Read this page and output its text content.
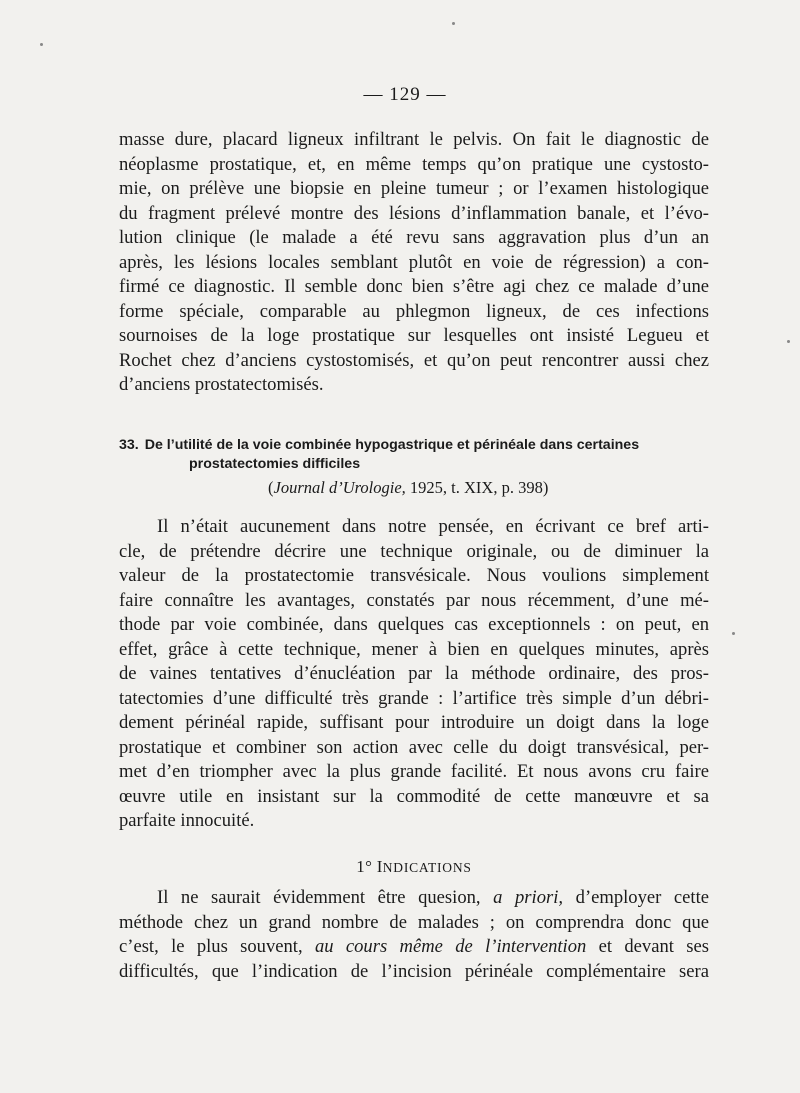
— 129 —
masse dure, placard ligneux infiltrant le pelvis. On fait le diagnostic de
néoplasme prostatique, et, en même temps qu’on pratique une cystosto-
mie, on prélève une biopsie en pleine tumeur ; or l’examen histologique
du fragment prélevé montre des lésions d’inflammation banale, et l’évo-
lution clinique (le malade a été revu sans aggravation plus d’un an
après, les lésions locales semblant plutôt en voie de régression) a con-
firmé ce diagnostic. Il semble donc bien s’être agi chez ce malade d’une
forme spéciale, comparable au phlegmon ligneux, de ces infections
sournoises de la loge prostatique sur lesquelles ont insisté Legueu et
Rochet chez d’anciens cystostomisés, et qu’on peut rencontrer aussi chez
d’anciens prostatectomisés.
33. De l’utilité de la voie combinée hypogastrique et périnéale dans certaines
prostatectomies difficiles
(Journal d’Urologie, 1925, t. XIX, p. 398)
Il n’était aucunement dans notre pensée, en écrivant ce bref arti-
cle, de prétendre décrire une technique originale, ou de diminuer la
valeur de la prostatectomie transvésicale. Nous voulions simplement
faire connaître les avantages, constatés par nous récemment, d’une mé-
thode par voie combinée, dans quelques cas exceptionnels : on peut, en
effet, grâce à cette technique, mener à bien en quelques minutes, après
de vaines tentatives d’énucléation par la méthode ordinaire, des pros-
tatectomies d’une difficulté très grande : l’artifice très simple d’un débri-
dement périnéal rapide, suffisant pour introduire un doigt dans la loge
prostatique et combiner son action avec celle du doigt transvésical, per-
met d’en triompher avec la plus grande facilité. Et nous avons cru faire
œuvre utile en insistant sur la commodité de cette manœuvre et sa
parfaite innocuité.
1° INDICATIONS
Il ne saurait évidemment être quesion, a priori, d’employer cette
méthode chez un grand nombre de malades ; on comprendra donc que
c’est, le plus souvent, au cours même de l’intervention et devant ses
difficultés, que l’indication de l’incision périnéale complémentaire sera
